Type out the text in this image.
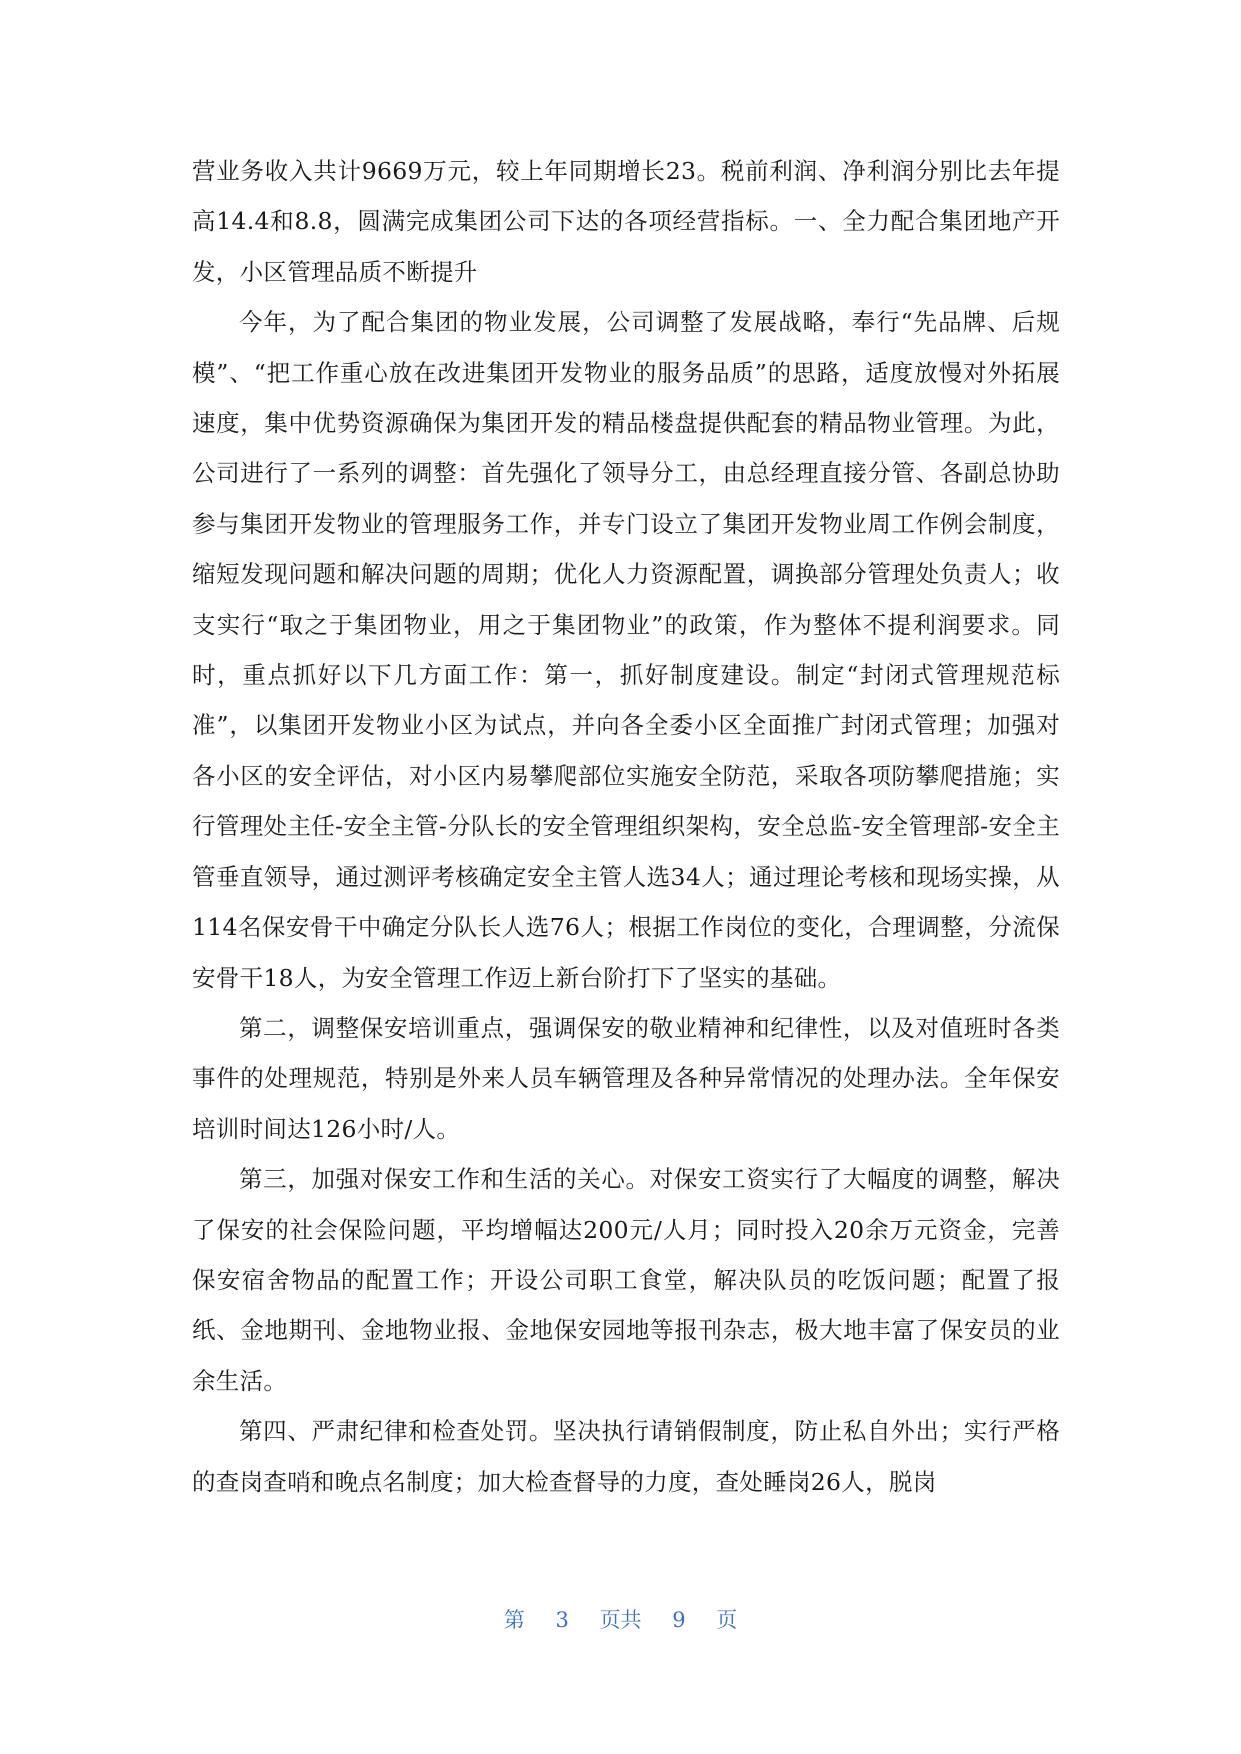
营业务收入共计9669万元，较上年同期增长23。税前利润、净利润分别比去年提高14.4和8.8，圆满完成集团公司下达的各项经营指标。一、全力配合集团地产开发，小区管理品质不断提升

今年，为了配合集团的物业发展，公司调整了发展战略，奉行“先品牌、后规模”、“把工作重心放在改进集团开发物业的服务品质”的思路，适度放慢对外拓展速度，集中优势资源确保为集团开发的精品楼盘提供配套的精品物业管理。为此，公司进行了一系列的调整：首先强化了领导分工，由总经理直接分管、各副总协助参与集团开发物业的管理服务工作，并专门设立了集团开发物业周工作例会制度，缩短发现问题和解决问题的周期；优化人力资源配置，调换部分管理处负责人；收支实行“取之于集团物业，用之于集团物业”的政策，作为整体不提利润要求。同时，重点抓好以下几方面工作：第一，抓好制度建设。制定“封闭式管理规范标准”，以集团开发物业小区为试点，并向各全委小区全面推广封闭式管理；加强对各小区的安全评估，对小区内易攀爬部位实施安全防范，采取各项防攀爬措施；实行管理处主任-安全主管-分队长的安全管理组织架构，安全总监-安全管理部-安全主管垂直领导，通过测评考核确定安全主管人选34人；通过理论考核和现场实操，从114名保安骨干中确定分队长人选76人；根据工作岗位的变化，合理调整，分流保安骨干18人，为安全管理工作迈上新台阶打下了坚实的基础。

第二，调整保安培训重点，强调保安的敬业精神和纪律性，以及对值班时各类事件的处理规范，特别是外来人员车辆管理及各种异常情况的处理办法。全年保安培训时间达126小时/人。

第三，加强对保安工作和生活的关心。对保安工资实行了大幅度的调整，解决了保安的社会保险问题，平均增幅达200元/人月；同时投入20余万元资金，完善保安宿舍物品的配置工作；开设公司职工食堂，解决队员的吃饭问题；配置了报纸、金地期刊、金地物业报、金地保安园地等报刊杂志，极大地丰富了保安员的业余生活。

第四、严肃纪律和检查处罚。坚决执行请销假制度，防止私自外出；实行严格的查岗查哨和晚点名制度；加大检查督导的力度，查处睡岗26人，脱岗

第 3 页共 9 页
